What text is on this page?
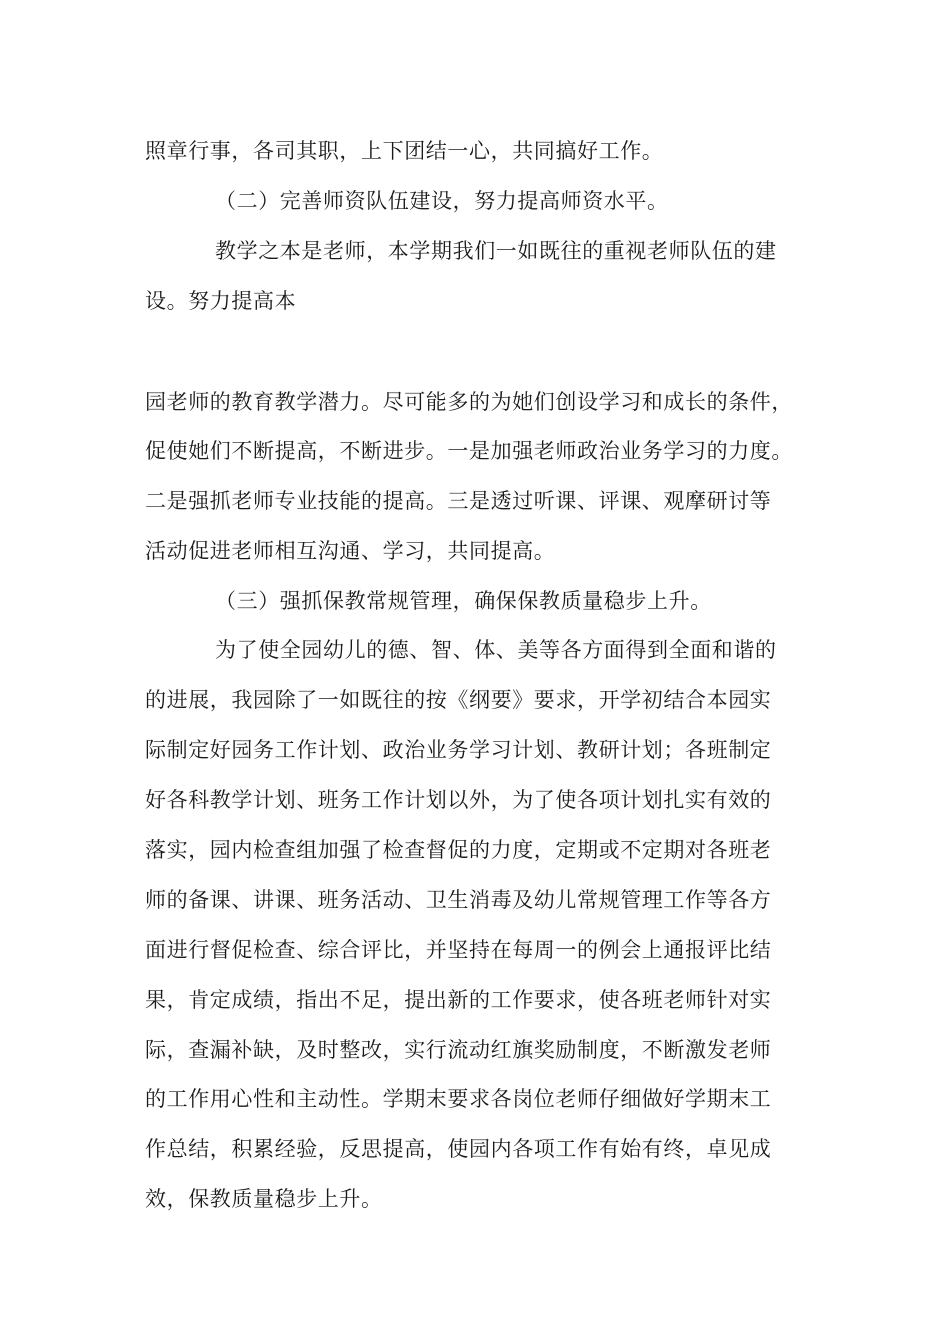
照章行事，各司其职，上下团结一心，共同搞好工作。
（二）完善师资队伍建设，努力提高师资水平。
教学之本是老师，本学期我们一如既往的重视老师队伍的建
设。努力提高本
园老师的教育教学潜力。尽可能多的为她们创设学习和成长的条件，
促使她们不断提高，不断进步。一是加强老师政治业务学习的力度。
二是强抓老师专业技能的提高。三是透过听课、评课、观摩研讨等
活动促进老师相互沟通、学习，共同提高。
（三）强抓保教常规管理，确保保教质量稳步上升。
为了使全园幼儿的德、智、体、美等各方面得到全面和谐的
的进展，我园除了一如既往的按《纲要》要求，开学初结合本园实
际制定好园务工作计划、政治业务学习计划、教研计划；各班制定
好各科教学计划、班务工作计划以外，为了使各项计划扎实有效的
落实，园内检查组加强了检查督促的力度，定期或不定期对各班老
师的备课、讲课、班务活动、卫生消毒及幼儿常规管理工作等各方
面进行督促检查、综合评比，并坚持在每周一的例会上通报评比结
果，肯定成绩，指出不足，提出新的工作要求，使各班老师针对实
际，查漏补缺，及时整改，实行流动红旗奖励制度，不断激发老师
的工作用心性和主动性。学期末要求各岗位老师仔细做好学期末工
作总结，积累经验，反思提高，使园内各项工作有始有终，卓见成
效，保教质量稳步上升。
